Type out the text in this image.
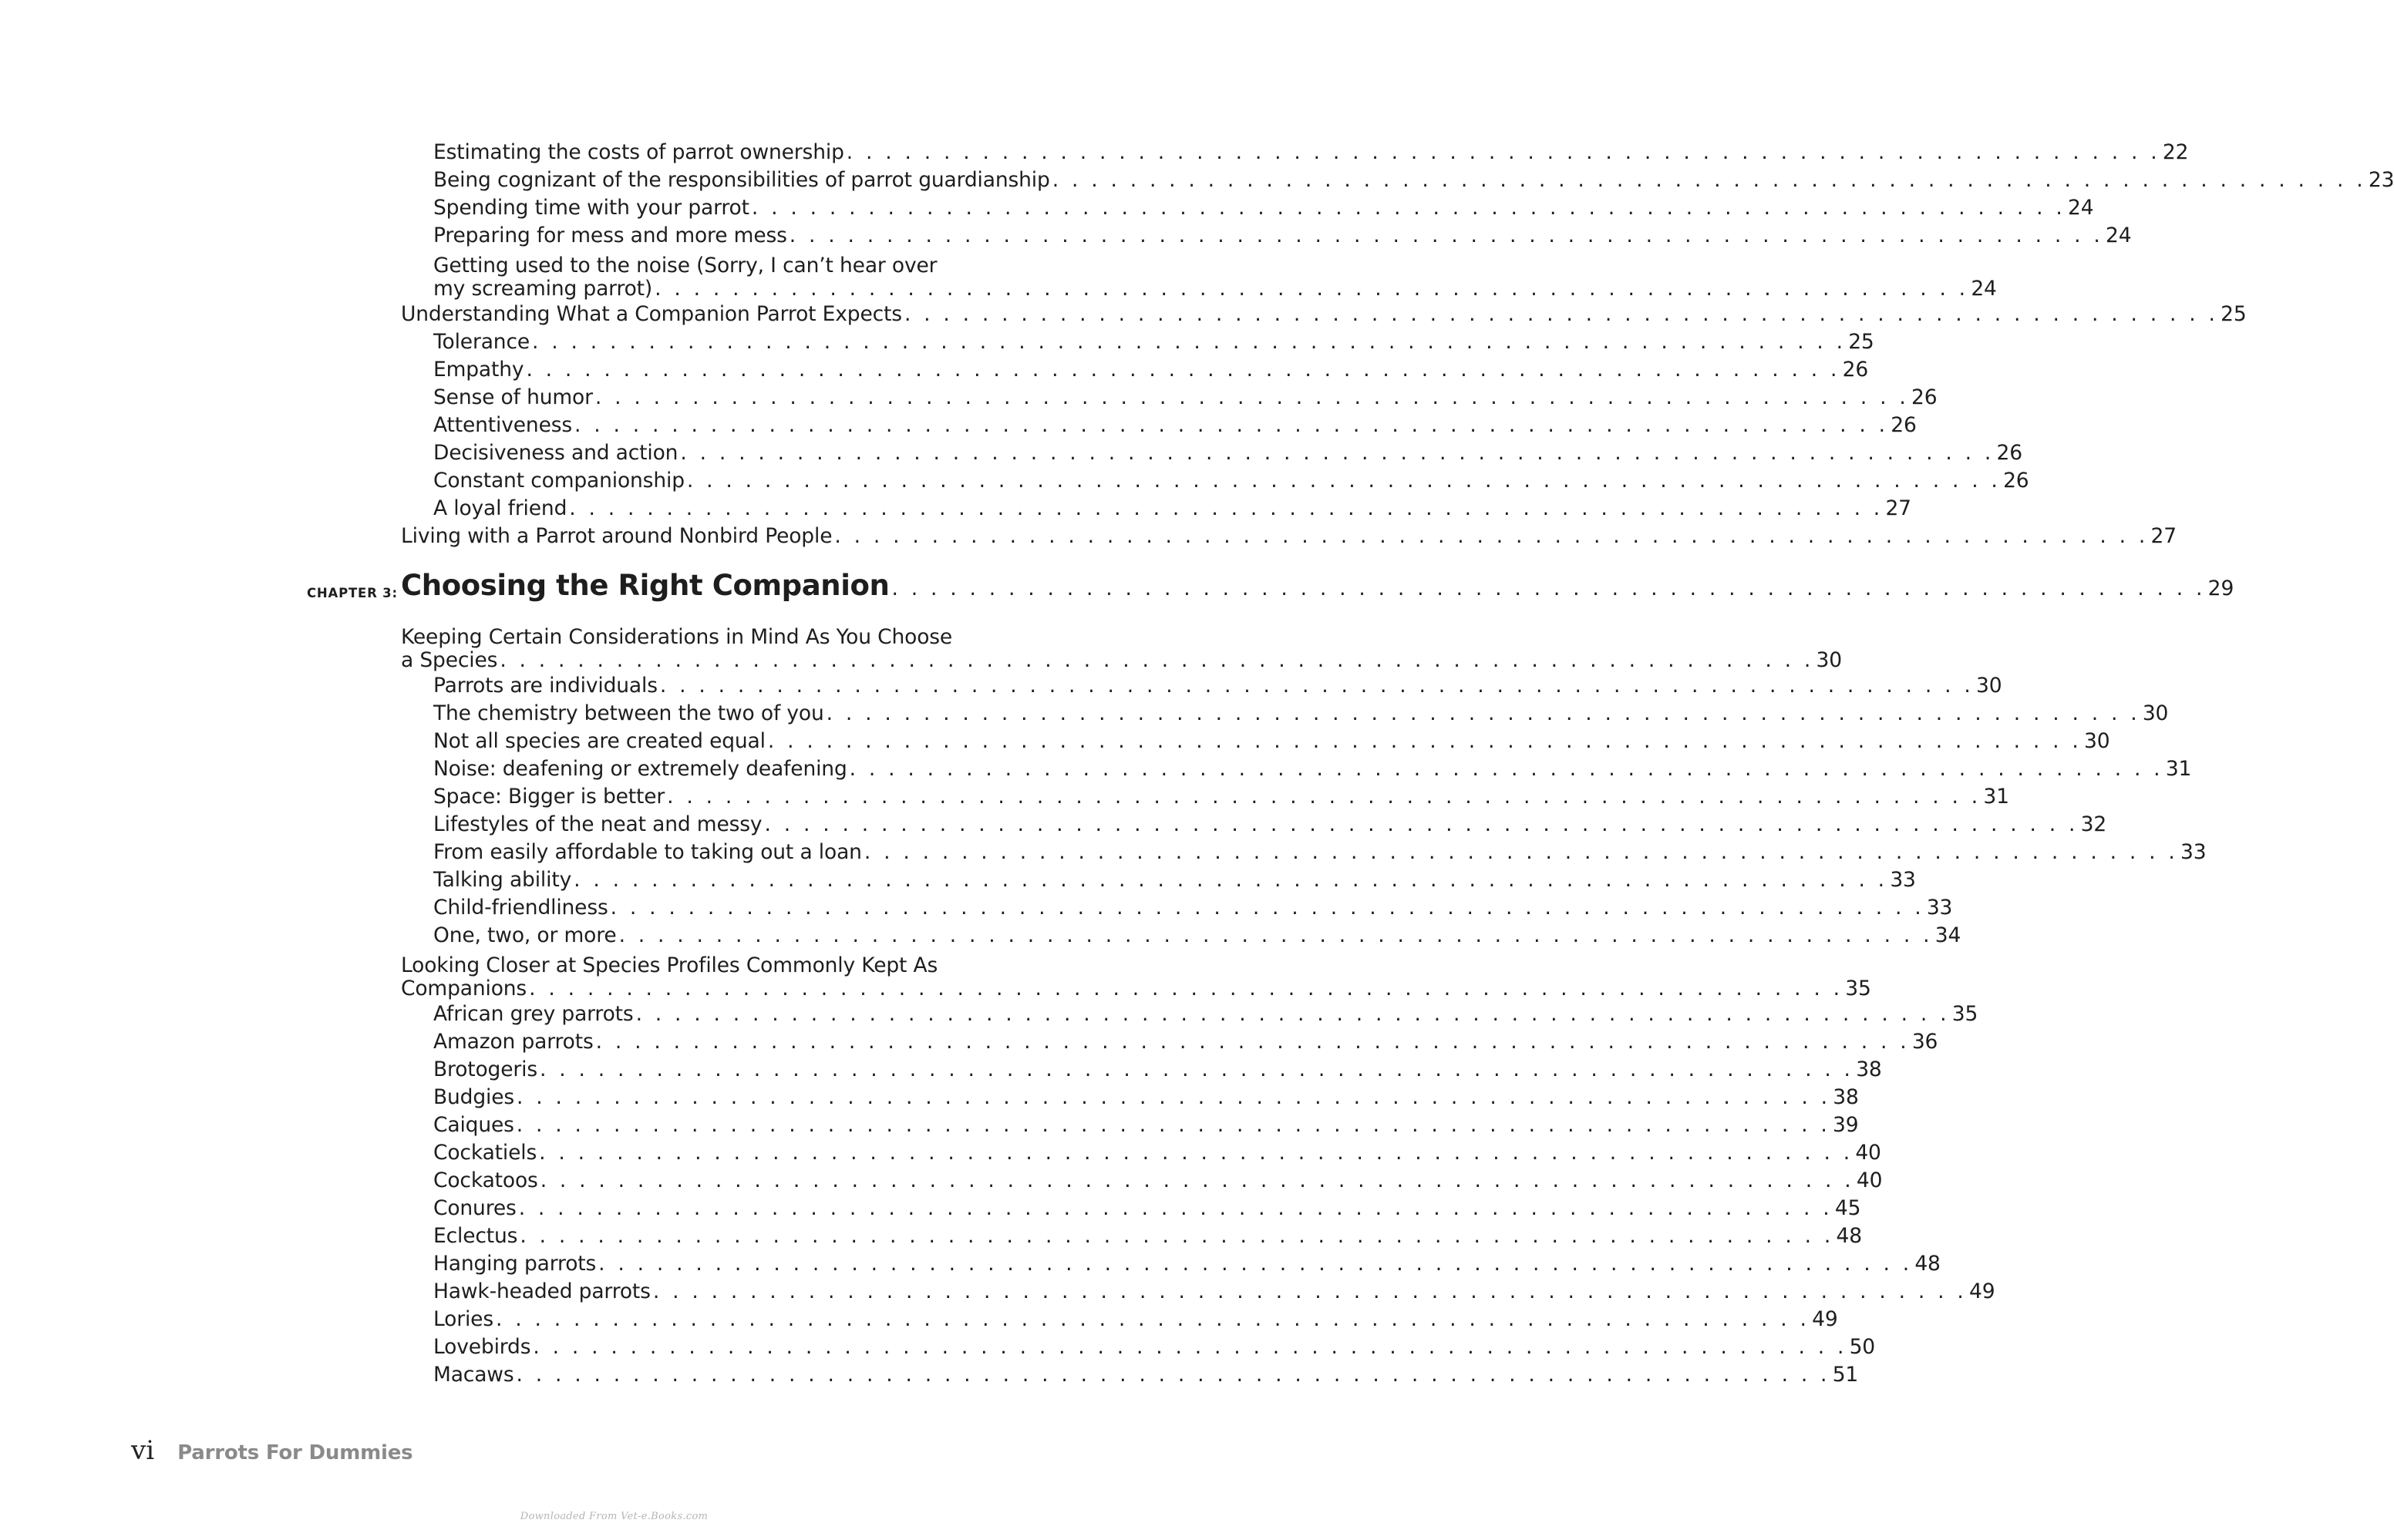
Estimating the costs of parrot ownership . . . . . . . . . . . . . . . . . . . . . . . . . . . . . . . . . . . . . . . . . . . . . . . . . . . . . . . . . . . . . . . . . . . . 22
Being cognizant of the responsibilities of parrot guardianship . . . . . . . . . . . . . . . . . . . . . . . . . . . . . . . . . . . . . . . . . . . . . . . . . . . . . . . . . . . . . . . . . . . . 23
Spending time with your parrot . . . . . . . . . . . . . . . . . . . . . . . . . . . . . . . . . . . . . . . . . . . . . . . . . . . . . . . . . . . . . . . . . . . . 24
Preparing for mess and more mess . . . . . . . . . . . . . . . . . . . . . . . . . . . . . . . . . . . . . . . . . . . . . . . . . . . . . . . . . . . . . . . . . . . . 24
Getting used to the noise (Sorry, I can’t hear over
my screaming parrot) . . . . . . . . . . . . . . . . . . . . . . . . . . . . . . . . . . . . . . . . . . . . . . . . . . . . . . . . . . . . . . . . . . . . 24
Understanding What a Companion Parrot Expects . . . . . . . . . . . . . . . . . . . . . . . . . . . . . . . . . . . . . . . . . . . . . . . . . . . . . . . . . . . . . . . . . . . . 25
Tolerance . . . . . . . . . . . . . . . . . . . . . . . . . . . . . . . . . . . . . . . . . . . . . . . . . . . . . . . . . . . . . . . . . . . . 25
Empathy . . . . . . . . . . . . . . . . . . . . . . . . . . . . . . . . . . . . . . . . . . . . . . . . . . . . . . . . . . . . . . . . . . . . 26
Sense of humor . . . . . . . . . . . . . . . . . . . . . . . . . . . . . . . . . . . . . . . . . . . . . . . . . . . . . . . . . . . . . . . . . . . . 26
Attentiveness . . . . . . . . . . . . . . . . . . . . . . . . . . . . . . . . . . . . . . . . . . . . . . . . . . . . . . . . . . . . . . . . . . . . 26
Decisiveness and action . . . . . . . . . . . . . . . . . . . . . . . . . . . . . . . . . . . . . . . . . . . . . . . . . . . . . . . . . . . . . . . . . . . . 26
Constant companionship . . . . . . . . . . . . . . . . . . . . . . . . . . . . . . . . . . . . . . . . . . . . . . . . . . . . . . . . . . . . . . . . . . . . 26
A loyal friend . . . . . . . . . . . . . . . . . . . . . . . . . . . . . . . . . . . . . . . . . . . . . . . . . . . . . . . . . . . . . . . . . . . . 27
Living with a Parrot around Nonbird People . . . . . . . . . . . . . . . . . . . . . . . . . . . . . . . . . . . . . . . . . . . . . . . . . . . . . . . . . . . . . . . . . . . . 27
CHAPTER 3: Choosing the Right Companion . . . . . . . . . . . . . . . . . . . . . . . . . . . . . . . . . . . . . . . . . . . . . . . . . . . . . . . . . . . . . . . . . . . . 29
Keeping Certain Considerations in Mind As You Choose
a Species . . . . . . . . . . . . . . . . . . . . . . . . . . . . . . . . . . . . . . . . . . . . . . . . . . . . . . . . . . . . . . . . . . . . 30
Parrots are individuals . . . . . . . . . . . . . . . . . . . . . . . . . . . . . . . . . . . . . . . . . . . . . . . . . . . . . . . . . . . . . . . . . . . . 30
The chemistry between the two of you . . . . . . . . . . . . . . . . . . . . . . . . . . . . . . . . . . . . . . . . . . . . . . . . . . . . . . . . . . . . . . . . . . . . 30
Not all species are created equal . . . . . . . . . . . . . . . . . . . . . . . . . . . . . . . . . . . . . . . . . . . . . . . . . . . . . . . . . . . . . . . . . . . . 30
Noise: deafening or extremely deafening . . . . . . . . . . . . . . . . . . . . . . . . . . . . . . . . . . . . . . . . . . . . . . . . . . . . . . . . . . . . . . . . . . . . 31
Space: Bigger is better . . . . . . . . . . . . . . . . . . . . . . . . . . . . . . . . . . . . . . . . . . . . . . . . . . . . . . . . . . . . . . . . . . . . 31
Lifestyles of the neat and messy . . . . . . . . . . . . . . . . . . . . . . . . . . . . . . . . . . . . . . . . . . . . . . . . . . . . . . . . . . . . . . . . . . . . 32
From easily affordable to taking out a loan . . . . . . . . . . . . . . . . . . . . . . . . . . . . . . . . . . . . . . . . . . . . . . . . . . . . . . . . . . . . . . . . . . . . 33
Talking ability . . . . . . . . . . . . . . . . . . . . . . . . . . . . . . . . . . . . . . . . . . . . . . . . . . . . . . . . . . . . . . . . . . . . 33
Child-friendliness . . . . . . . . . . . . . . . . . . . . . . . . . . . . . . . . . . . . . . . . . . . . . . . . . . . . . . . . . . . . . . . . . . . . 33
One, two, or more . . . . . . . . . . . . . . . . . . . . . . . . . . . . . . . . . . . . . . . . . . . . . . . . . . . . . . . . . . . . . . . . . . . . 34
Looking Closer at Species Profiles Commonly Kept As
Companions . . . . . . . . . . . . . . . . . . . . . . . . . . . . . . . . . . . . . . . . . . . . . . . . . . . . . . . . . . . . . . . . . . . . 35
African grey parrots . . . . . . . . . . . . . . . . . . . . . . . . . . . . . . . . . . . . . . . . . . . . . . . . . . . . . . . . . . . . . . . . . . . . 35
Amazon parrots . . . . . . . . . . . . . . . . . . . . . . . . . . . . . . . . . . . . . . . . . . . . . . . . . . . . . . . . . . . . . . . . . . . . 36
Brotogeris . . . . . . . . . . . . . . . . . . . . . . . . . . . . . . . . . . . . . . . . . . . . . . . . . . . . . . . . . . . . . . . . . . . . 38
Budgies . . . . . . . . . . . . . . . . . . . . . . . . . . . . . . . . . . . . . . . . . . . . . . . . . . . . . . . . . . . . . . . . . . . . 38
Caiques . . . . . . . . . . . . . . . . . . . . . . . . . . . . . . . . . . . . . . . . . . . . . . . . . . . . . . . . . . . . . . . . . . . . 39
Cockatiels . . . . . . . . . . . . . . . . . . . . . . . . . . . . . . . . . . . . . . . . . . . . . . . . . . . . . . . . . . . . . . . . . . . . 40
Cockatoos . . . . . . . . . . . . . . . . . . . . . . . . . . . . . . . . . . . . . . . . . . . . . . . . . . . . . . . . . . . . . . . . . . . . 40
Conures . . . . . . . . . . . . . . . . . . . . . . . . . . . . . . . . . . . . . . . . . . . . . . . . . . . . . . . . . . . . . . . . . . . . 45
Eclectus . . . . . . . . . . . . . . . . . . . . . . . . . . . . . . . . . . . . . . . . . . . . . . . . . . . . . . . . . . . . . . . . . . . . 48
Hanging parrots . . . . . . . . . . . . . . . . . . . . . . . . . . . . . . . . . . . . . . . . . . . . . . . . . . . . . . . . . . . . . . . . . . . . 48
Hawk-headed parrots . . . . . . . . . . . . . . . . . . . . . . . . . . . . . . . . . . . . . . . . . . . . . . . . . . . . . . . . . . . . . . . . . . . . 49
Lories . . . . . . . . . . . . . . . . . . . . . . . . . . . . . . . . . . . . . . . . . . . . . . . . . . . . . . . . . . . . . . . . . . . . 49
Lovebirds . . . . . . . . . . . . . . . . . . . . . . . . . . . . . . . . . . . . . . . . . . . . . . . . . . . . . . . . . . . . . . . . . . . . 50
Macaws . . . . . . . . . . . . . . . . . . . . . . . . . . . . . . . . . . . . . . . . . . . . . . . . . . . . . . . . . . . . . . . . . . . . 51
vi Parrots For Dummies
Downloaded From Vet-e.Books.com
